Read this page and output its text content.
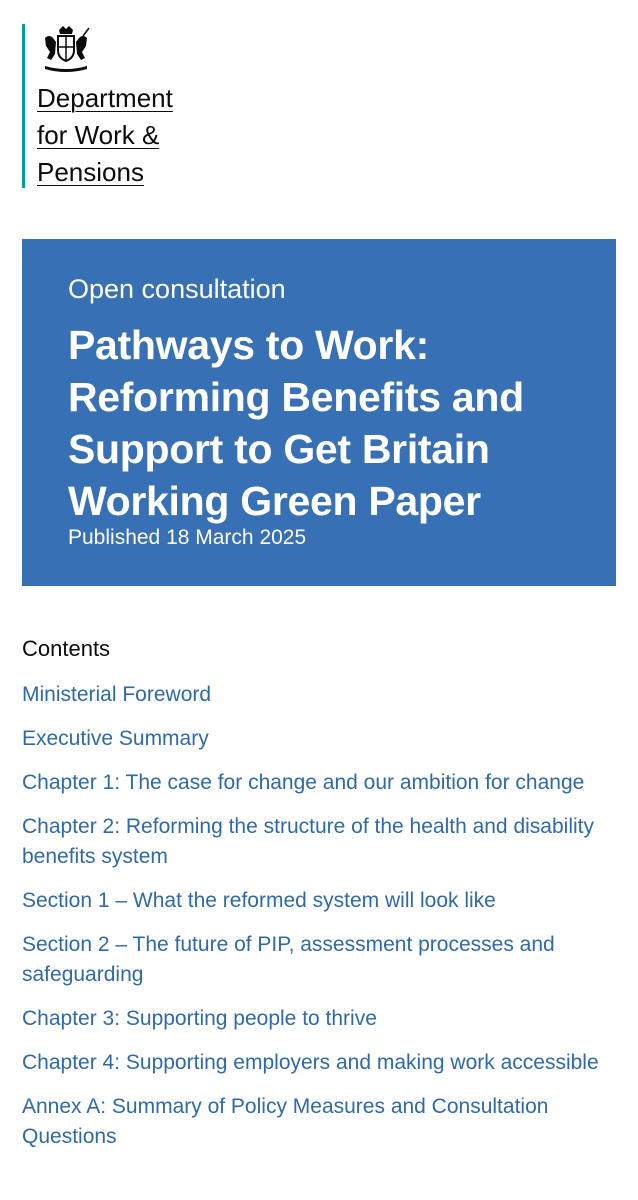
Department
for Work &
Pensions
Open consultation
Pathways to Work: Reforming Benefits and Support to Get Britain Working Green Paper
Published 18 March 2025
Contents
Ministerial Foreword
Executive Summary
Chapter 1: The case for change and our ambition for change
Chapter 2: Reforming the structure of the health and disability benefits system
Section 1 – What the reformed system will look like
Section 2 – The future of PIP, assessment processes and safeguarding
Chapter 3: Supporting people to thrive
Chapter 4: Supporting employers and making work accessible
Annex A: Summary of Policy Measures and Consultation Questions
